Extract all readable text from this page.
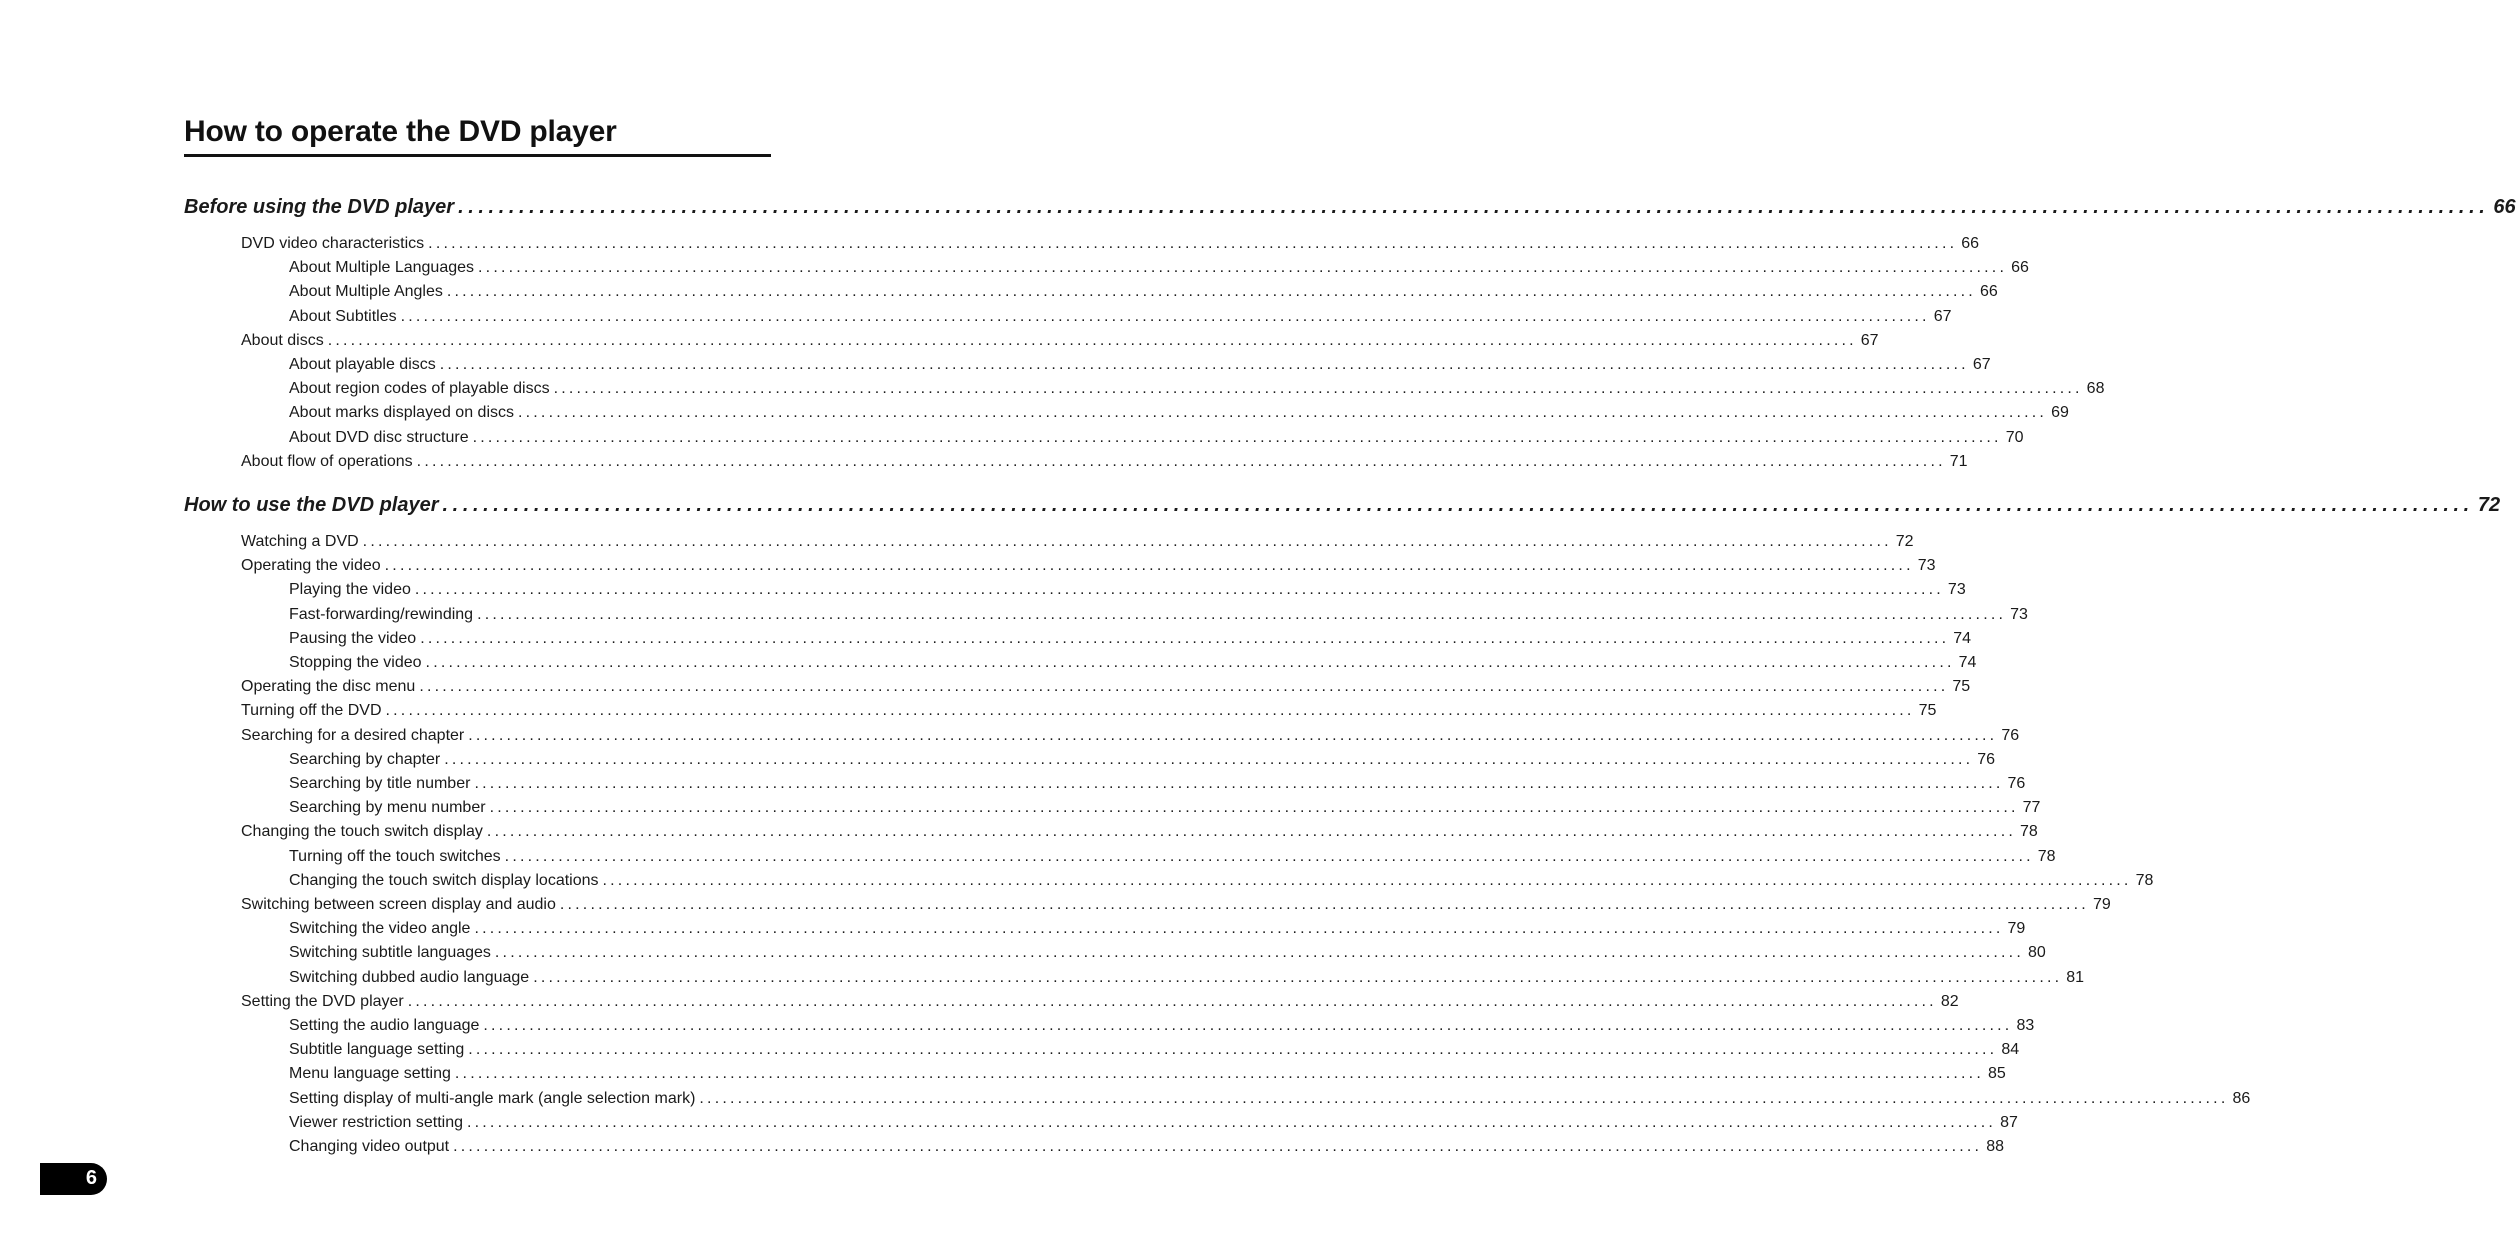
How to operate the DVD player
Before using the DVD player ........................................................................................................................................................................................................ 66
DVD video characteristics ........................................................................................................................................................................................................ 66
About Multiple Languages ........................................................................................................................................................................................................ 66
About Multiple Angles ........................................................................................................................................................................................................ 66
About Subtitles ........................................................................................................................................................................................................ 67
About discs ........................................................................................................................................................................................................ 67
About playable discs ........................................................................................................................................................................................................ 67
About region codes of playable discs ........................................................................................................................................................................................................ 68
About marks displayed on discs ........................................................................................................................................................................................................ 69
About DVD disc structure ........................................................................................................................................................................................................ 70
About flow of operations ........................................................................................................................................................................................................ 71
How to use the DVD player ........................................................................................................................................................................................................ 72
Watching a DVD ........................................................................................................................................................................................................ 72
Operating the video ........................................................................................................................................................................................................ 73
Playing the video ........................................................................................................................................................................................................ 73
Fast-forwarding/rewinding ........................................................................................................................................................................................................ 73
Pausing the video ........................................................................................................................................................................................................ 74
Stopping the video ........................................................................................................................................................................................................ 74
Operating the disc menu ........................................................................................................................................................................................................ 75
Turning off the DVD ........................................................................................................................................................................................................ 75
Searching for a desired chapter ........................................................................................................................................................................................................ 76
Searching by chapter ........................................................................................................................................................................................................ 76
Searching by title number ........................................................................................................................................................................................................ 76
Searching by menu number ........................................................................................................................................................................................................ 77
Changing the touch switch display ........................................................................................................................................................................................................ 78
Turning off the touch switches ........................................................................................................................................................................................................ 78
Changing the touch switch display locations ........................................................................................................................................................................................................ 78
Switching between screen display and audio ........................................................................................................................................................................................................ 79
Switching the video angle ........................................................................................................................................................................................................ 79
Switching subtitle languages ........................................................................................................................................................................................................ 80
Switching dubbed audio language ........................................................................................................................................................................................................ 81
Setting the DVD player ........................................................................................................................................................................................................ 82
Setting the audio language ........................................................................................................................................................................................................ 83
Subtitle language setting ........................................................................................................................................................................................................ 84
Menu language setting ........................................................................................................................................................................................................ 85
Setting display of multi-angle mark (angle selection mark) ........................................................................................................................................................................................................ 86
Viewer restriction setting ........................................................................................................................................................................................................ 87
Changing video output ........................................................................................................................................................................................................ 88
6
